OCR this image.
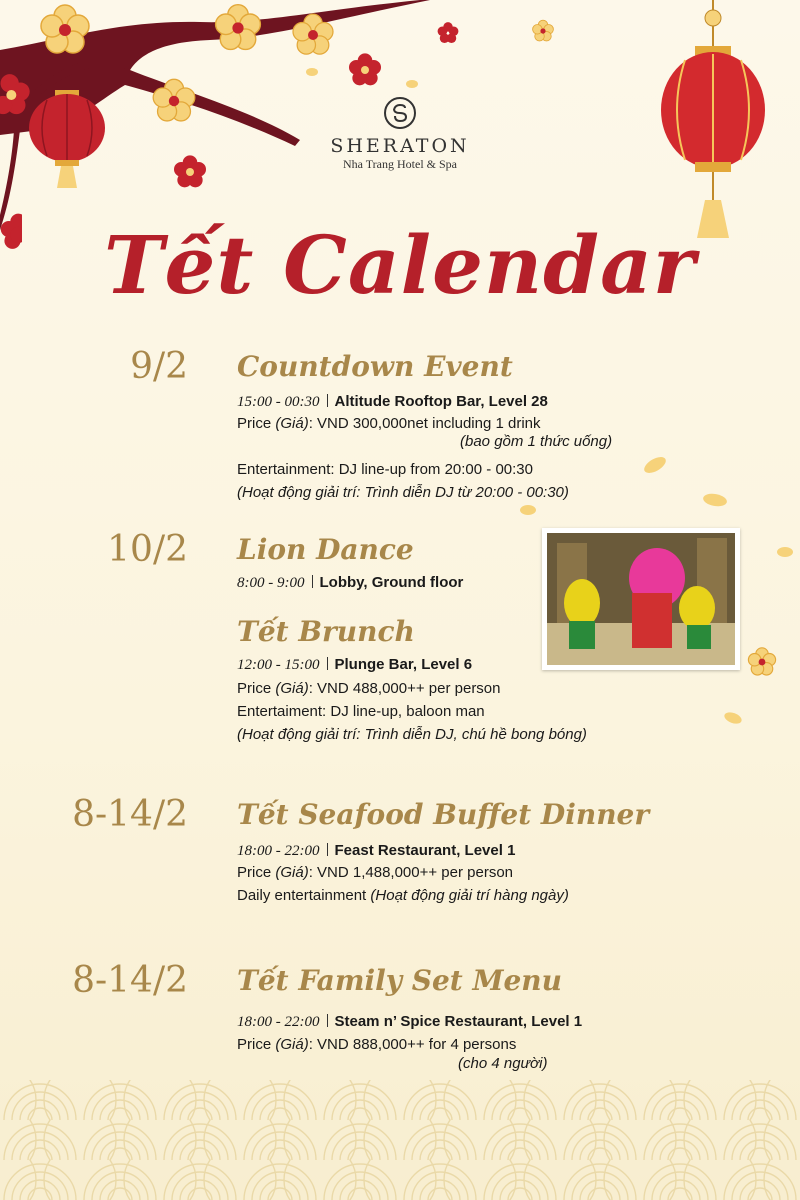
SHERATON
Nha Trang Hotel & Spa
Tết Calendar
9/2 Countdown Event
15:00 - 00:30 Altitude Rooftop Bar, Level 28
Price (Giá): VND 300,000net including 1 drink
(bao gồm 1 thức uống)
Entertainment: DJ line-up from 20:00 - 00:30
(Hoạt động giải trí: Trình diễn DJ từ 20:00 - 00:30)
10/2 Lion Dance
8:00 - 9:00 Lobby, Ground floor
Tết Brunch
12:00 - 15:00 Plunge Bar, Level 6
Price (Giá): VND 488,000++ per person
Entertaiment: DJ line-up, baloon man
(Hoạt động giải trí: Trình diễn DJ, chú hề bong bóng)
8-14/2 Tết Seafood Buffet Dinner
18:00 - 22:00 Feast Restaurant, Level 1
Price (Giá): VND 1,488,000++ per person
Daily entertainment (Hoạt động giải trí hàng ngày)
8-14/2 Tết Family Set Menu
18:00 - 22:00 Steam n’ Spice Restaurant, Level 1
Price (Giá): VND 888,000++ for 4 persons
(cho 4 người)
